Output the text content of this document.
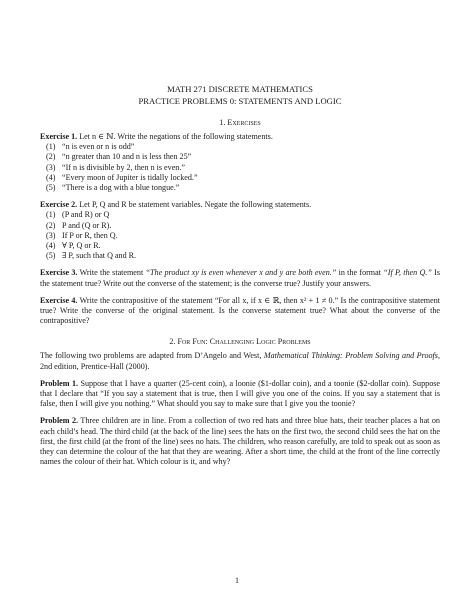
MATH 271 DISCRETE MATHEMATICS

PRACTICE PROBLEMS 0: STATEMENTS AND LOGIC

1. Exercises

Exercise 1. Let n ∈ ℕ. Write the negations of the following statements.

(1) “n is even or n is odd”
(2) “n greater than 10 and n is less then 25”
(3) “If n is divisible by 2, then n is even.”
(4) “Every moon of Jupiter is tidally locked.”
(5) “There is a dog with a blue tongue.”

Exercise 2. Let P, Q and R be statement variables. Negate the following statements.

(1) (P and R) or Q
(2) P and (Q or R).
(3) If P or R, then Q.
(4) ∀ P, Q or R.
(5) ∃ P, such that Q and R.

Exercise 3. Write the statement “The product xy is even whenever x and y are both even.” in the format “If P, then Q.” Is the statement true? Write out the converse of the statement; is the converse true? Justify your answers.

Exercise 4. Write the contrapositive of the statement “For all x, if x ∈ ℝ, then x² + 1 ≠ 0.” Is the contrapositive statement true? Write the converse of the original statement. Is the converse statement true? What about the converse of the contrapositive?

2. For Fun: Challenging Logic Problems

The following two problems are adapted from D’Angelo and West, Mathematical Thinking: Problem Solving and Proofs, 2nd edition, Prentice-Hall (2000).

Problem 1. Suppose that I have a quarter (25-cent coin), a loonie ($1-dollar coin), and a toonie ($2-dollar coin). Suppose that I declare that “If you say a statement that is true, then I will give you one of the coins. If you say a statement that is false, then I will give you nothing.” What should you say to make sure that I give you the toonie?

Problem 2. Three children are in line. From a collection of two red hats and three blue hats, their teacher places a hat on each child’s head. The third child (at the back of the line) sees the hats on the first two, the second child sees the hat on the first, the first child (at the front of the line) sees no hats. The children, who reason carefully, are told to speak out as soon as they can determine the colour of the hat that they are wearing. After a short time, the child at the front of the line correctly names the colour of their hat. Which colour is it, and why?

1
